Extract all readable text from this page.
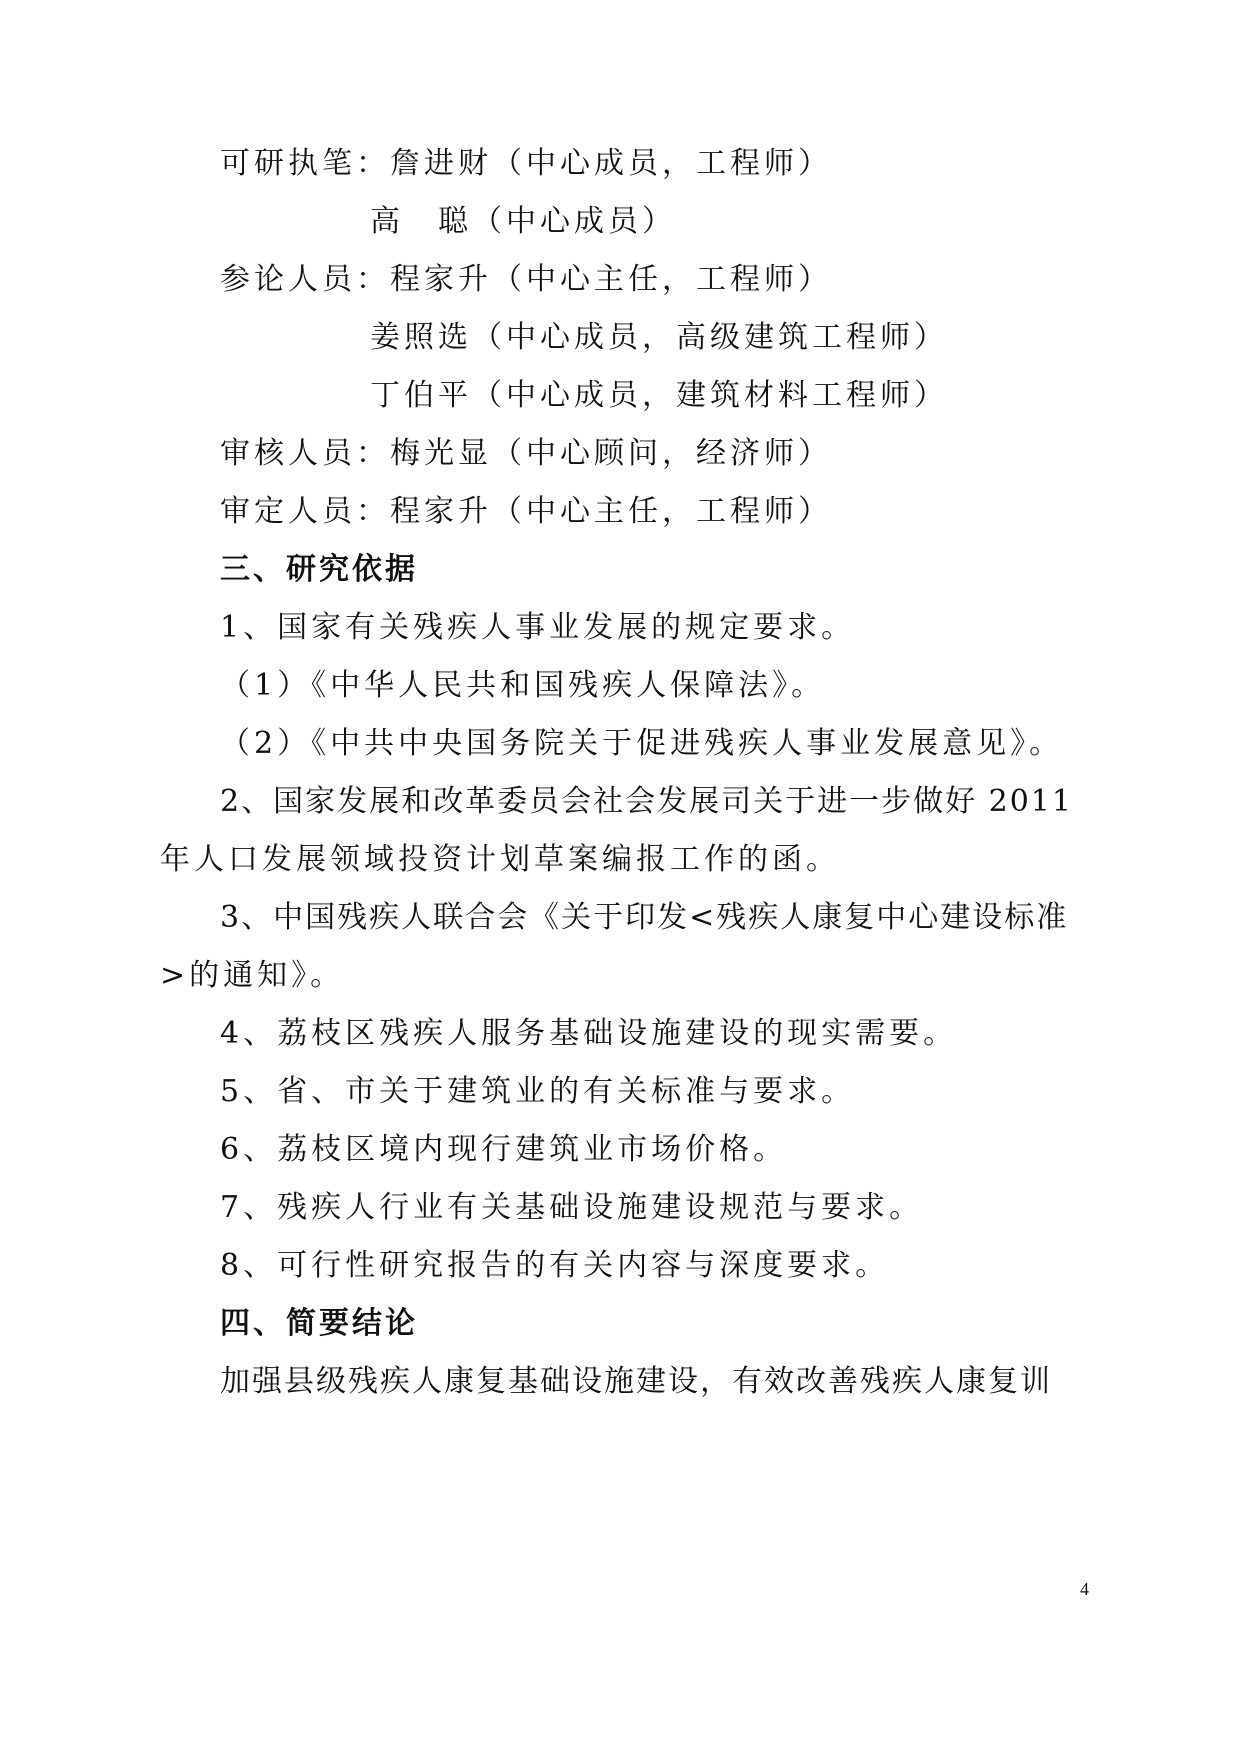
可研执笔：詹进财（中心成员，工程师）
高　聪（中心成员）
参论人员：程家升（中心主任，工程师）
姜照选（中心成员，高级建筑工程师）
丁伯平（中心成员，建筑材料工程师）
审核人员：梅光显（中心顾问，经济师）
审定人员：程家升（中心主任，工程师）
三、研究依据
1、国家有关残疾人事业发展的规定要求。
（1）《中华人民共和国残疾人保障法》。
（2）《中共中央国务院关于促进残疾人事业发展意见》。
2、国家发展和改革委员会社会发展司关于进一步做好 2011
年人口发展领域投资计划草案编报工作的函。
3、中国残疾人联合会《关于印发<残疾人康复中心建设标准
>的通知》。
4、荔枝区残疾人服务基础设施建设的现实需要。
5、省、市关于建筑业的有关标准与要求。
6、荔枝区境内现行建筑业市场价格。
7、残疾人行业有关基础设施建设规范与要求。
8、可行性研究报告的有关内容与深度要求。
四、简要结论
加强县级残疾人康复基础设施建设，有效改善残疾人康复训
4
